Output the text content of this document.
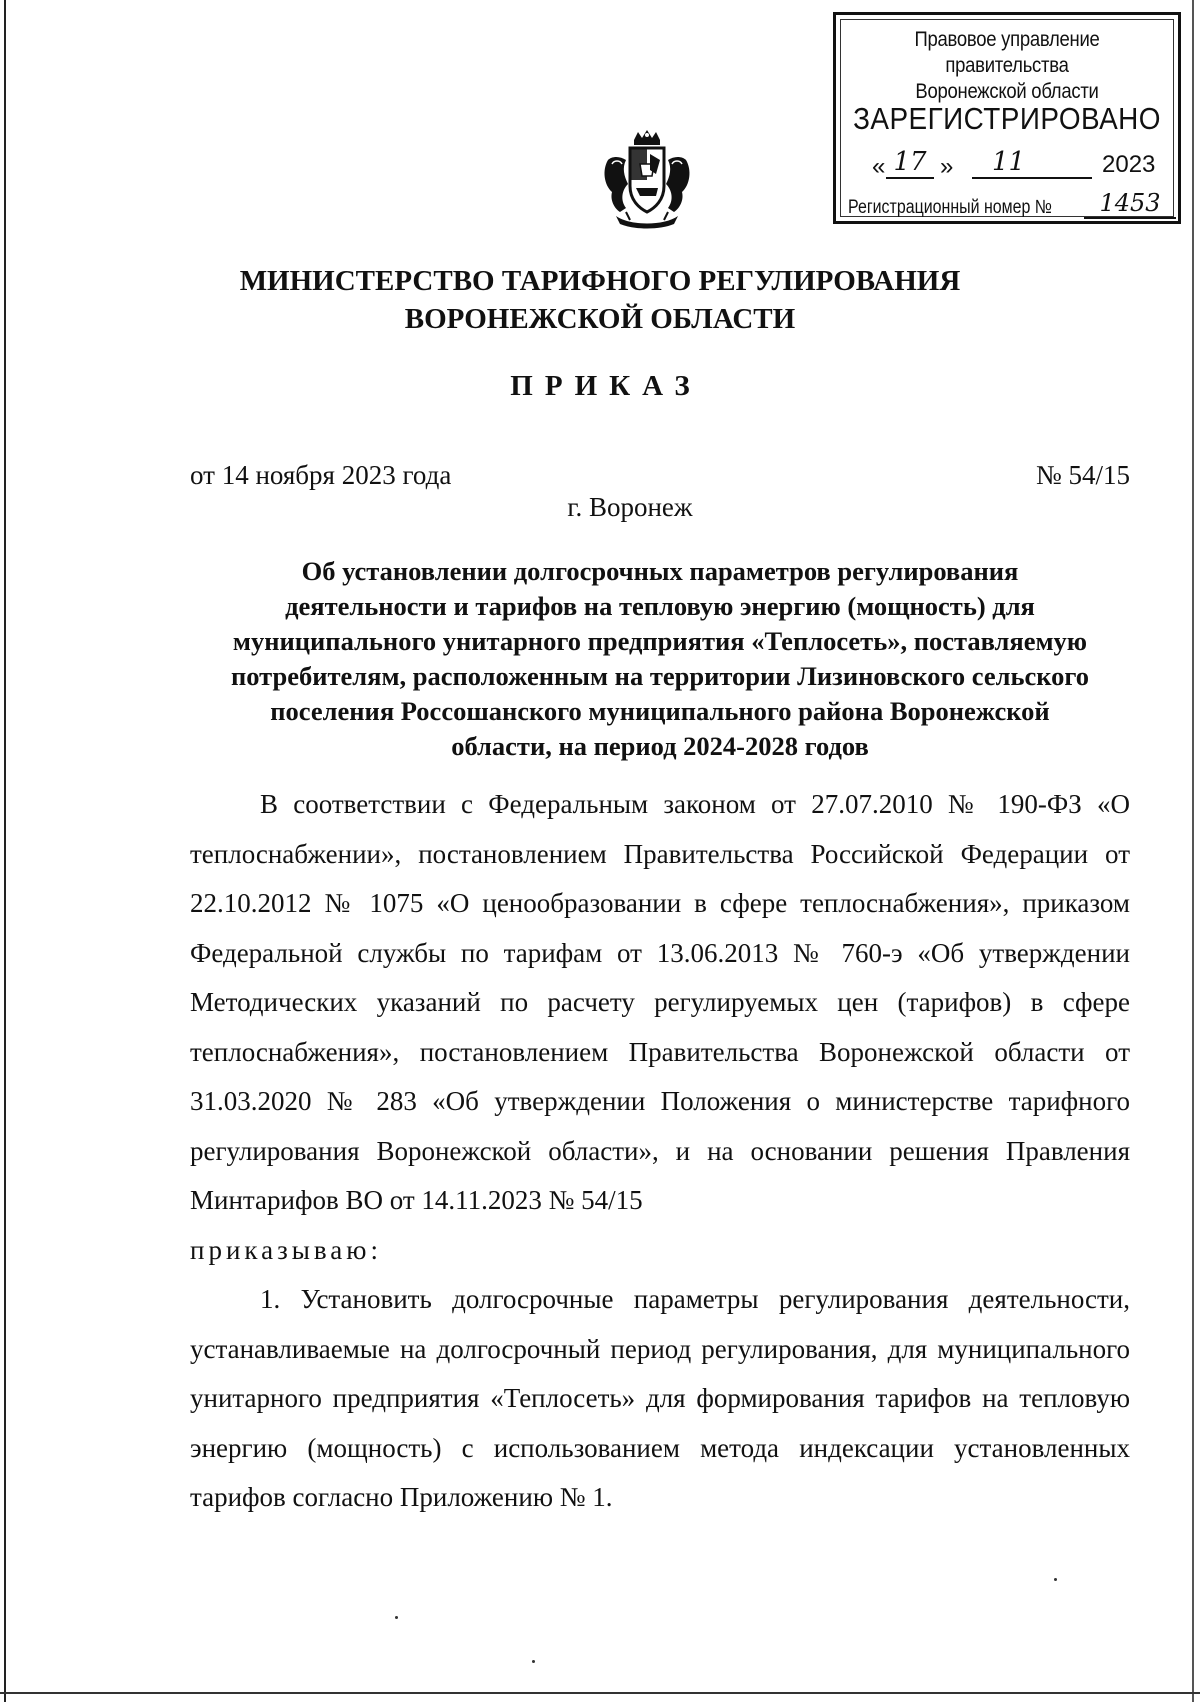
Правовое управление правительства
Воронежской области
ЗАРЕГИСТРИРОВАНО
« 17 »	11	2023
Регистрационный номер №	1453
МИНИСТЕРСТВО ТАРИФНОГО РЕГУЛИРОВАНИЯ
ВОРОНЕЖСКОЙ ОБЛАСТИ
ПРИКАЗ
от 14 ноября 2023 года	№ 54/15
г. Воронеж
Об установлении долгосрочных параметров регулирования
деятельности и тарифов на тепловую энергию (мощность) для
муниципального унитарного предприятия «Теплосеть», поставляемую
потребителям, расположенным на территории Лизиновского сельского
поселения Россошанского муниципального района Воронежской
области, на период 2024-2028 годов

В соответствии с Федеральным законом от 27.07.2010 № 190-ФЗ «О теплоснабжении», постановлением Правительства Российской Федерации от 22.10.2012 № 1075 «О ценообразовании в сфере теплоснабжения», приказом Федеральной службы по тарифам от 13.06.2013 № 760-э «Об утверждении Методических указаний по расчету регулируемых цен (тарифов) в сфере теплоснабжения», постановлением Правительства Воронежской области от 31.03.2020 № 283 «Об утверждении Положения о министерстве тарифного регулирования Воронежской области», и на основании решения Правления Минтарифов ВО от 14.11.2023 № 54/15

приказываю:

1. Установить долгосрочные параметры регулирования деятельности, устанавливаемые на долгосрочный период регулирования, для муниципального унитарного предприятия «Теплосеть» для формирования тарифов на тепловую энергию (мощность) с использованием метода индексации установленных тарифов согласно Приложению № 1.
